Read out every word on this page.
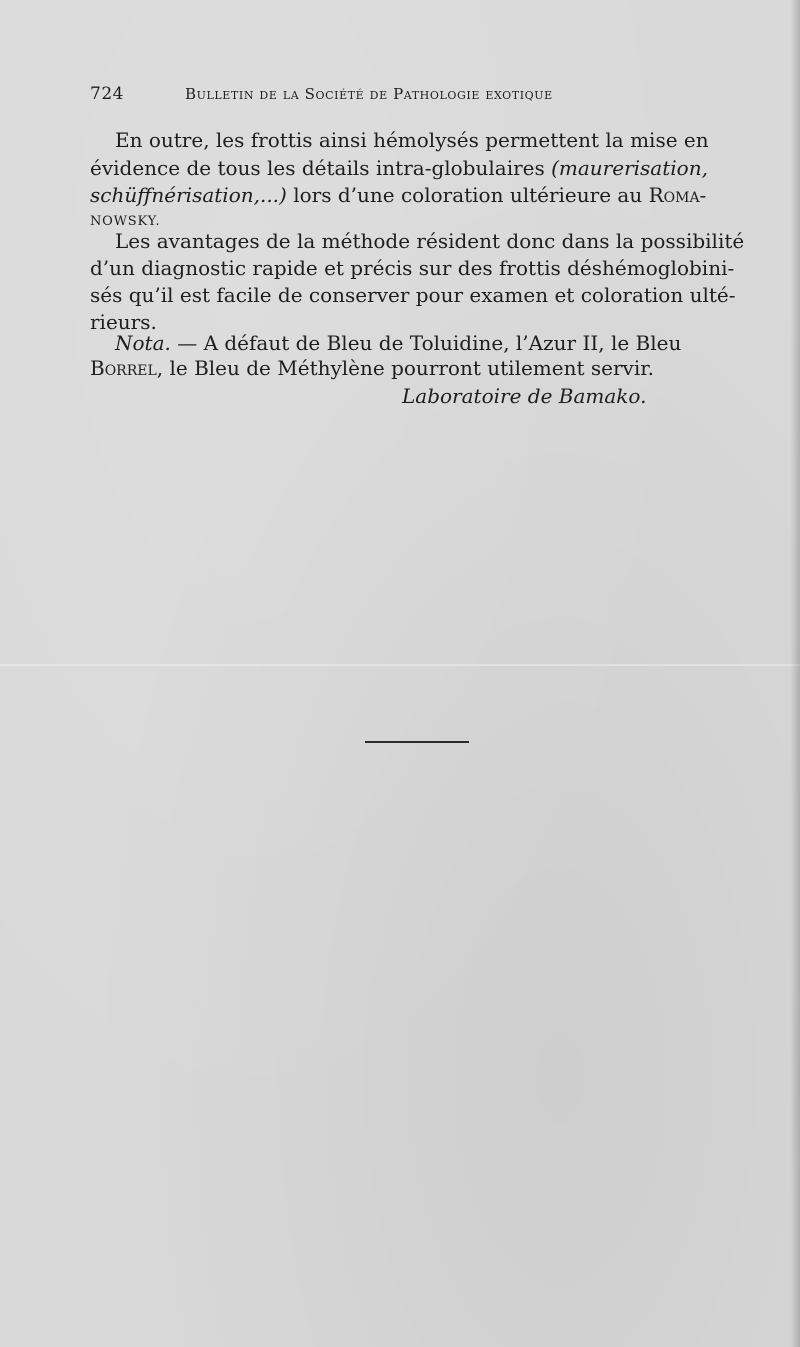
724	Bulletin de la Société de Pathologie exotique
En outre, les frottis ainsi hémolysés permettent la mise en
évidence de tous les détails intra-globulaires (maurerisation,
schüffnérisation,...) lors d’une coloration ultérieure au Roma-
NOWSKY.
Les avantages de la méthode résident donc dans la possibilité
d’un diagnostic rapide et précis sur des frottis déshémoglobini-
sés qu’il est facile de conserver pour examen et coloration ulté-
rieurs.
Nota. — A défaut de Bleu de Toluidine, l’Azur II, le Bleu
Borrel, le Bleu de Méthylène pourront utilement servir.
Laboratoire de Bamako.
